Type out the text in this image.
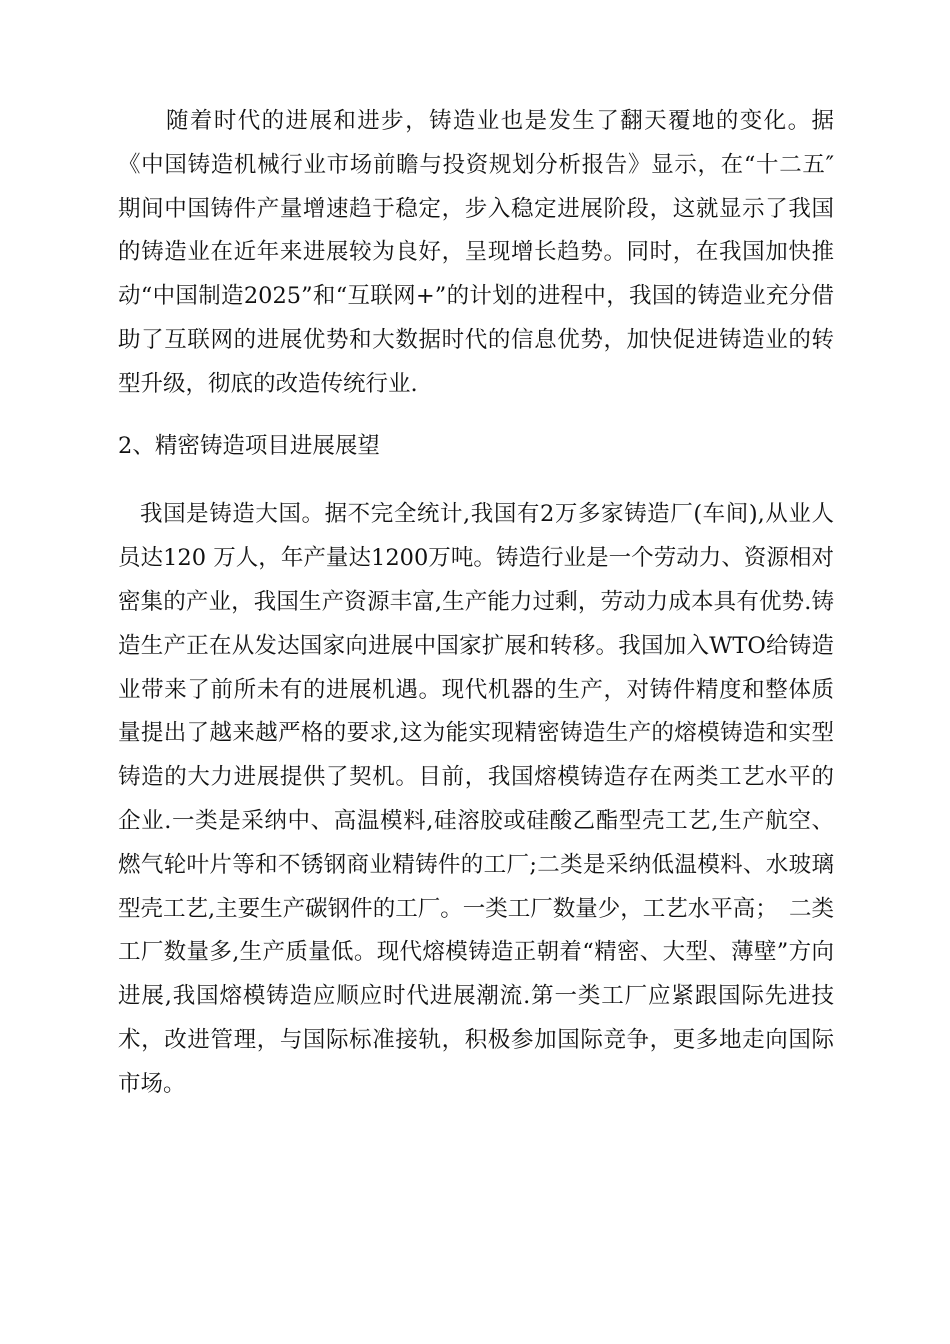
随着时代的进展和进步，铸造业也是发生了翻天覆地的变化。据《中国铸造机械行业市场前瞻与投资规划分析报告》显示，在“十二五″期间中国铸件产量增速趋于稳定，步入稳定进展阶段，这就显示了我国的铸造业在近年来进展较为良好，呈现增长趋势。同时，在我国加快推动“中国制造2025”和“互联网+”的计划的进程中，我国的铸造业充分借助了互联网的进展优势和大数据时代的信息优势，加快促进铸造业的转型升级，彻底的改造传统行业.

2、精密铸造项目进展展望

我国是铸造大国。据不完全统计,我国有2万多家铸造厂(车间),从业人员达120 万人，年产量达1200万吨。铸造行业是一个劳动力、资源相对密集的产业，我国生产资源丰富,生产能力过剩，劳动力成本具有优势.铸造生产正在从发达国家向进展中国家扩展和转移。我国加入WTO给铸造业带来了前所未有的进展机遇。现代机器的生产，对铸件精度和整体质量提出了越来越严格的要求,这为能实现精密铸造生产的熔模铸造和实型铸造的大力进展提供了契机。目前，我国熔模铸造存在两类工艺水平的企业.一类是采纳中、高温模料,硅溶胶或硅酸乙酯型壳工艺,生产航空、燃气轮叶片等和不锈钢商业精铸件的工厂;二类是采纳低温模料、水玻璃型壳工艺,主要生产碳钢件的工厂。一类工厂数量少，工艺水平高；　二类工厂数量多,生产质量低。现代熔模铸造正朝着“精密、大型、薄壁”方向进展,我国熔模铸造应顺应时代进展潮流.第一类工厂应紧跟国际先进技术，改进管理，与国际标准接轨，积极参加国际竞争，更多地走向国际市场。
